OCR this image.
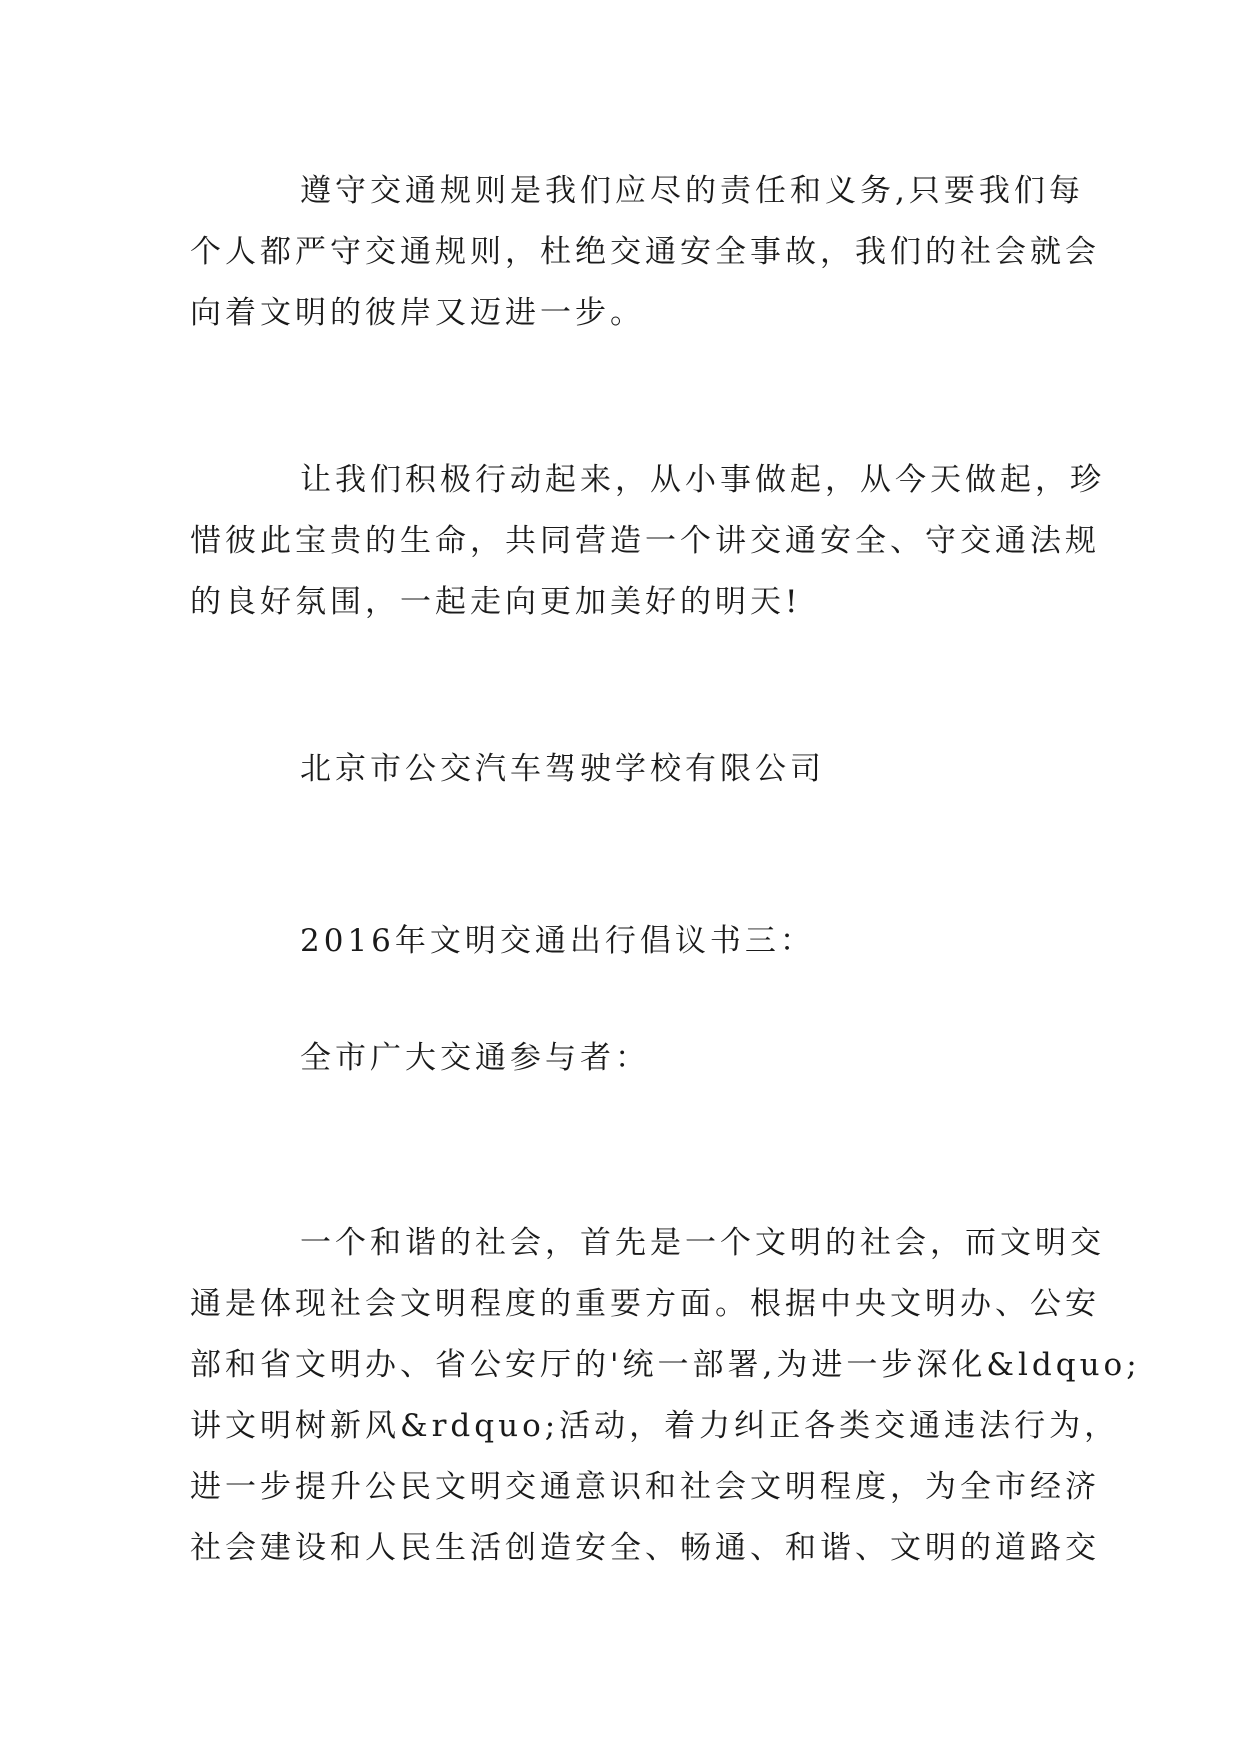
遵守交通规则是我们应尽的责任和义务,只要我们每
个人都严守交通规则，杜绝交通安全事故，我们的社会就会
向着文明的彼岸又迈进一步。
让我们积极行动起来，从小事做起，从今天做起，珍
惜彼此宝贵的生命，共同营造一个讲交通安全、守交通法规
的良好氛围，一起走向更加美好的明天!

北京市公交汽车驾驶学校有限公司

2016年文明交通出行倡议书三：

全市广大交通参与者：

一个和谐的社会，首先是一个文明的社会，而文明交
通是体现社会文明程度的重要方面。根据中央文明办、公安
部和省文明办、省公安厅的'统一部署,为进一步深化&ldquo;
讲文明树新风&rdquo;活动，着力纠正各类交通违法行为，
进一步提升公民文明交通意识和社会文明程度，为全市经济
社会建设和人民生活创造安全、畅通、和谐、文明的道路交
